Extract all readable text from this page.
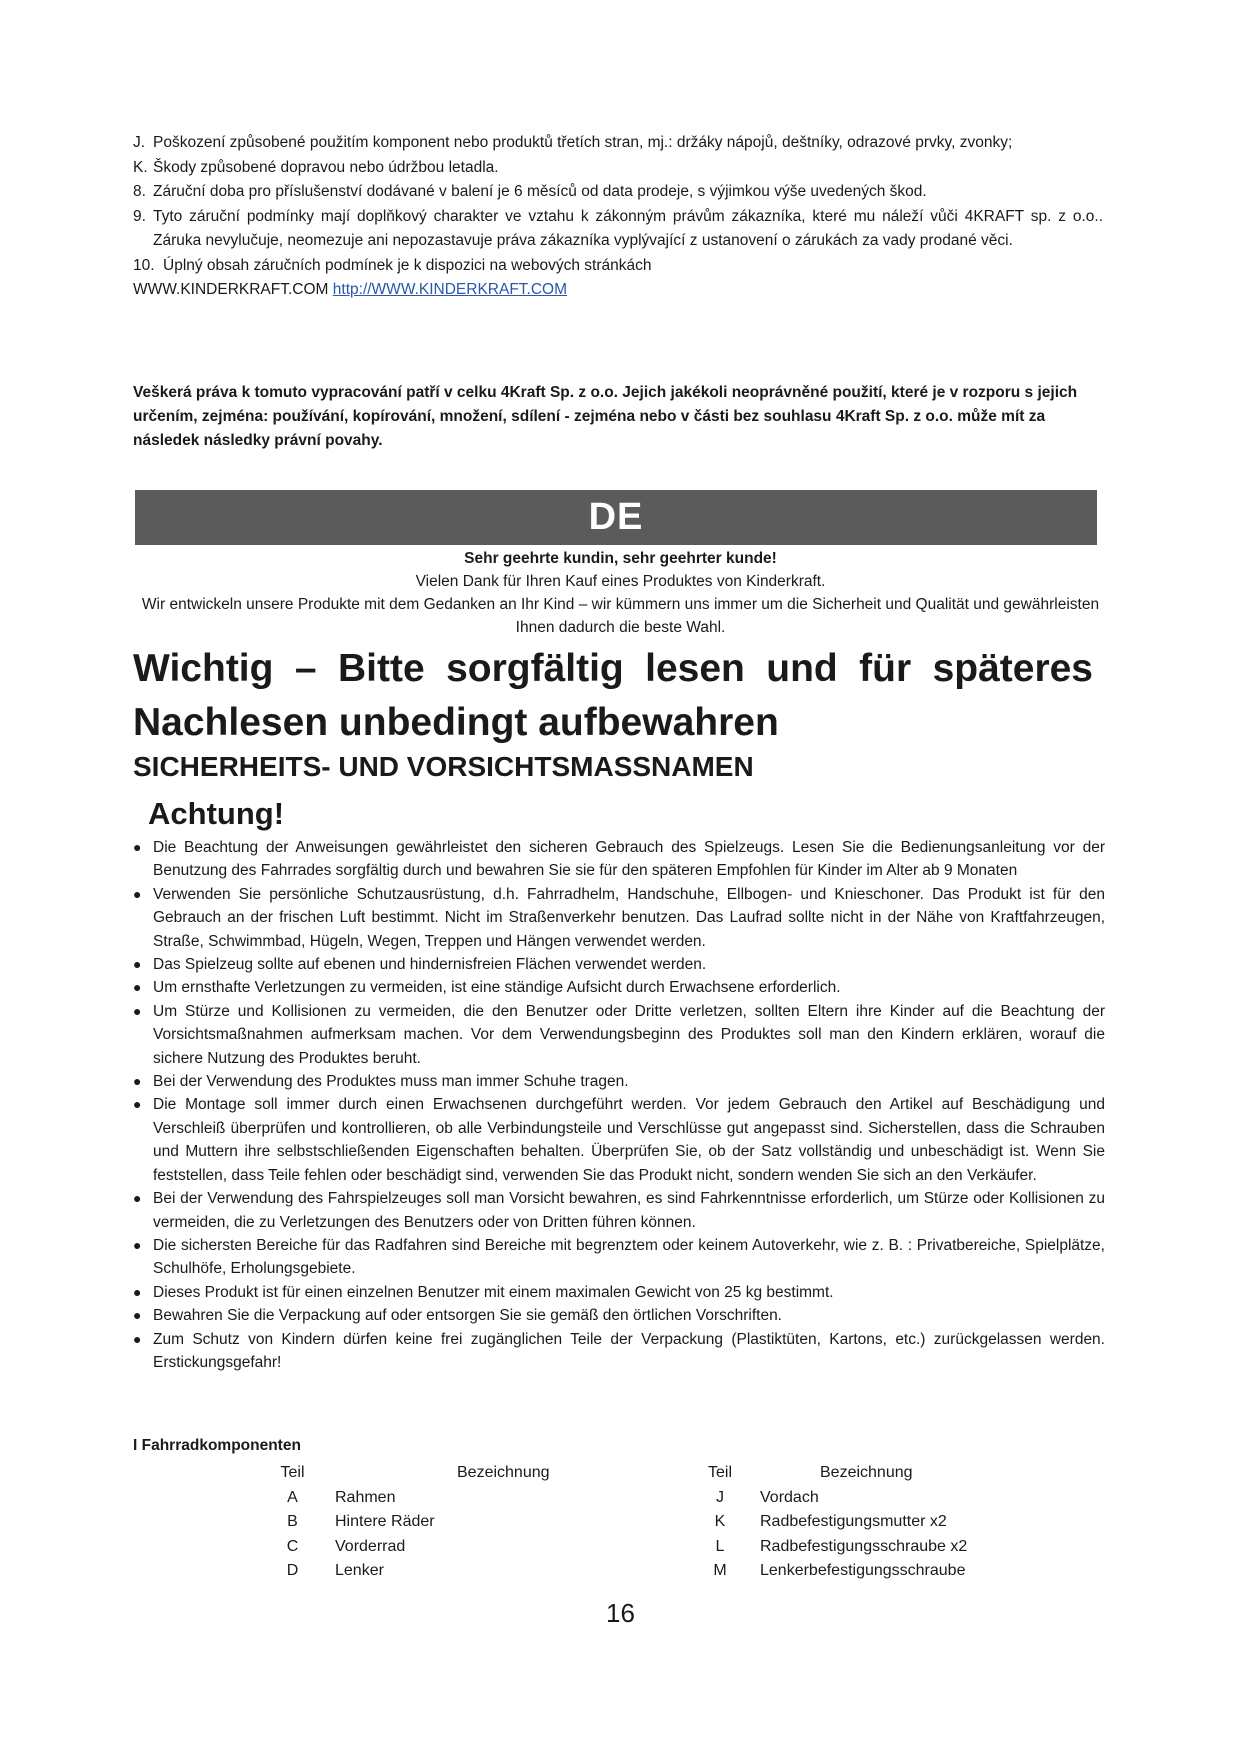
J. Poškození způsobené použitím komponent nebo produktů třetích stran, mj.: držáky nápojů, deštníky, odrazové prvky, zvonky;
K. Škody způsobené dopravou nebo údržbou letadla.
8. Záruční doba pro příslušenství dodávané v balení je 6 měsíců od data prodeje, s výjimkou výše uvedených škod.
9. Tyto záruční podmínky mají doplňkový charakter ve vztahu k zákonným právům zákazníka, které mu náleží vůči 4KRAFT sp. z o.o.. Záruka nevylučuje, neomezuje ani nepozastavuje práva zákazníka vyplývající z ustanovení o zárukách za vady prodané věci.
10. Úplný obsah záručních podmínek je k dispozici na webových stránkách
WWW.KINDERKRAFT.COM
http://WWW.KINDERKRAFT.COM
Veškerá práva k tomuto vypracování patří v celku 4Kraft Sp. z o.o. Jejich jakékoli neoprávněné použití, které je v rozporu s jejich určením, zejména: používání, kopírování, množení, sdílení - zejména nebo v části bez souhlasu 4Kraft Sp. z o.o. může mít za následek následky právní povahy.
DE
Sehr geehrte kundin, sehr geehrter kunde!
Vielen Dank für Ihren Kauf eines Produktes von Kinderkraft.
Wir entwickeln unsere Produkte mit dem Gedanken an Ihr Kind – wir kümmern uns immer um die Sicherheit und Qualität und gewährleisten Ihnen dadurch die beste Wahl.
Wichtig – Bitte sorgfältig lesen und für späteres
Nachlesen unbedingt aufbewahren
SICHERHEITS- UND VORSICHTSMASSNAMEN
Achtung!
● Die Beachtung der Anweisungen gewährleistet den sicheren Gebrauch des Spielzeugs. Lesen Sie die Bedienungsanleitung vor der Benutzung des Fahrrades sorgfältig durch und bewahren Sie sie für den späteren Empfohlen für Kinder im Alter ab 9 Monaten
● Verwenden Sie persönliche Schutzausrüstung, d.h. Fahrradhelm, Handschuhe, Ellbogen- und Knieschoner. Das Produkt ist für den Gebrauch an der frischen Luft bestimmt. Nicht im Straßenverkehr benutzen. Das Laufrad sollte nicht in der Nähe von Kraftfahrzeugen, Straße, Schwimmbad, Hügeln, Wegen, Treppen und Hängen verwendet werden.
● Das Spielzeug sollte auf ebenen und hindernisfreien Flächen verwendet werden.
● Um ernsthafte Verletzungen zu vermeiden, ist eine ständige Aufsicht durch Erwachsene erforderlich.
● Um Stürze und Kollisionen zu vermeiden, die den Benutzer oder Dritte verletzen, sollten Eltern ihre Kinder auf die Beachtung der Vorsichtsmaßnahmen aufmerksam machen. Vor dem Verwendungsbeginn des Produktes soll man den Kindern erklären, worauf die sichere Nutzung des Produktes beruht.
● Bei der Verwendung des Produktes muss man immer Schuhe tragen.
● Die Montage soll immer durch einen Erwachsenen durchgeführt werden. Vor jedem Gebrauch den Artikel auf Beschädigung und Verschleiß überprüfen und kontrollieren, ob alle Verbindungsteile und Verschlüsse gut angepasst sind. Sicherstellen, dass die Schrauben und Muttern ihre selbstschließenden Eigenschaften behalten. Überprüfen Sie, ob der Satz vollständig und unbeschädigt ist. Wenn Sie feststellen, dass Teile fehlen oder beschädigt sind, verwenden Sie das Produkt nicht, sondern wenden Sie sich an den Verkäufer.
● Bei der Verwendung des Fahrspielzeuges soll man Vorsicht bewahren, es sind Fahrkenntnisse erforderlich, um Stürze oder Kollisionen zu vermeiden, die zu Verletzungen des Benutzers oder von Dritten führen können.
● Die sichersten Bereiche für das Radfahren sind Bereiche mit begrenztem oder keinem Autoverkehr, wie z. B. : Privatbereiche, Spielplätze, Schulhöfe, Erholungsgebiete.
● Dieses Produkt ist für einen einzelnen Benutzer mit einem maximalen Gewicht von 25 kg bestimmt.
● Bewahren Sie die Verpackung auf oder entsorgen Sie sie gemäß den örtlichen Vorschriften.
● Zum Schutz von Kindern dürfen keine frei zugänglichen Teile der Verpackung (Plastiktüten, Kartons, etc.) zurückgelassen werden. Erstickungsgefahr!
I Fahrradkomponenten
Teil	Bezeichnung
A	Rahmen
B	Hintere Räder
C	Vorderrad
D	Lenker
Teil	Bezeichnung
J	Vordach
K	Radbefestigungsmutter x2
L	Radbefestigungsschraube x2
M	Lenkerbefestigungsschraube
16
